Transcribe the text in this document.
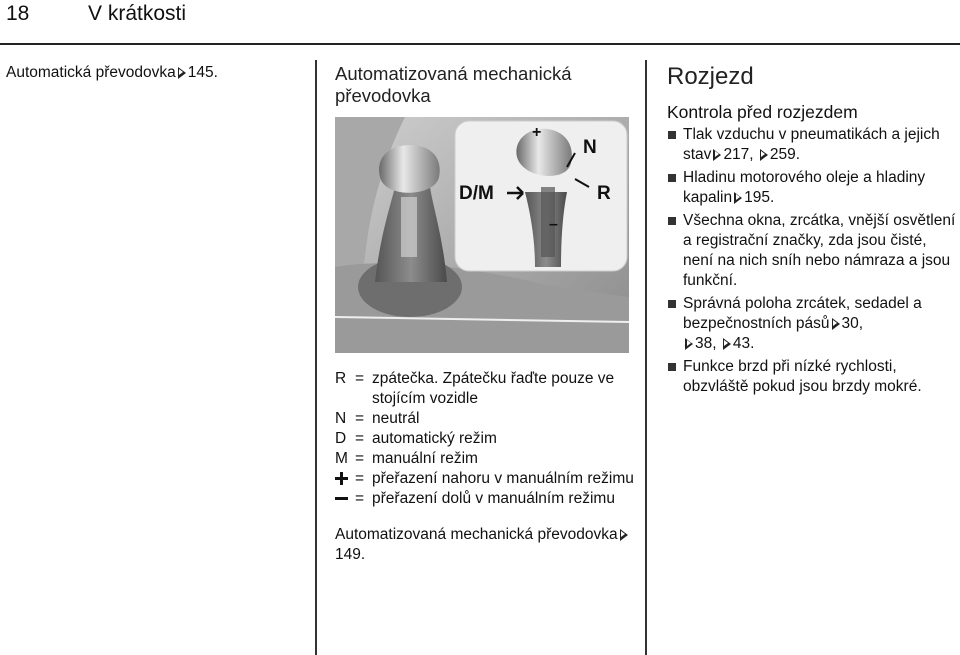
18	V krátkosti

Automatická převodovka 145.	Automatizovaná mechanická převodovka
D/M
N
R
+
–
R = zpátečka. Zpátečku řaďte pouze ve stojícím vozidle
N = neutrál
D = automatický režim
M = manuální režim
= přeřazení nahoru v manuálním režimu
= přeřazení dolů v manuálním režimu

Automatizovaná mechanická převodovka149.

Rozjezd
Kontrola před rozjezdem
Tlak vzduchu v pneumatikách a jejich stav 217, 259.
Hladinu motorového oleje a hladiny kapalin 195.
Všechna okna, zrcátka, vnější osvětlení a registrační značky, zda jsou čisté, není na nich sníh nebo námraza a jsou funkční.
Správná poloha zrcátek, sedadel a bezpečnostních pásů 30,
38, 43.
Funkce brzd při nízké rychlosti, obzvláště pokud jsou brzdy mokré.
